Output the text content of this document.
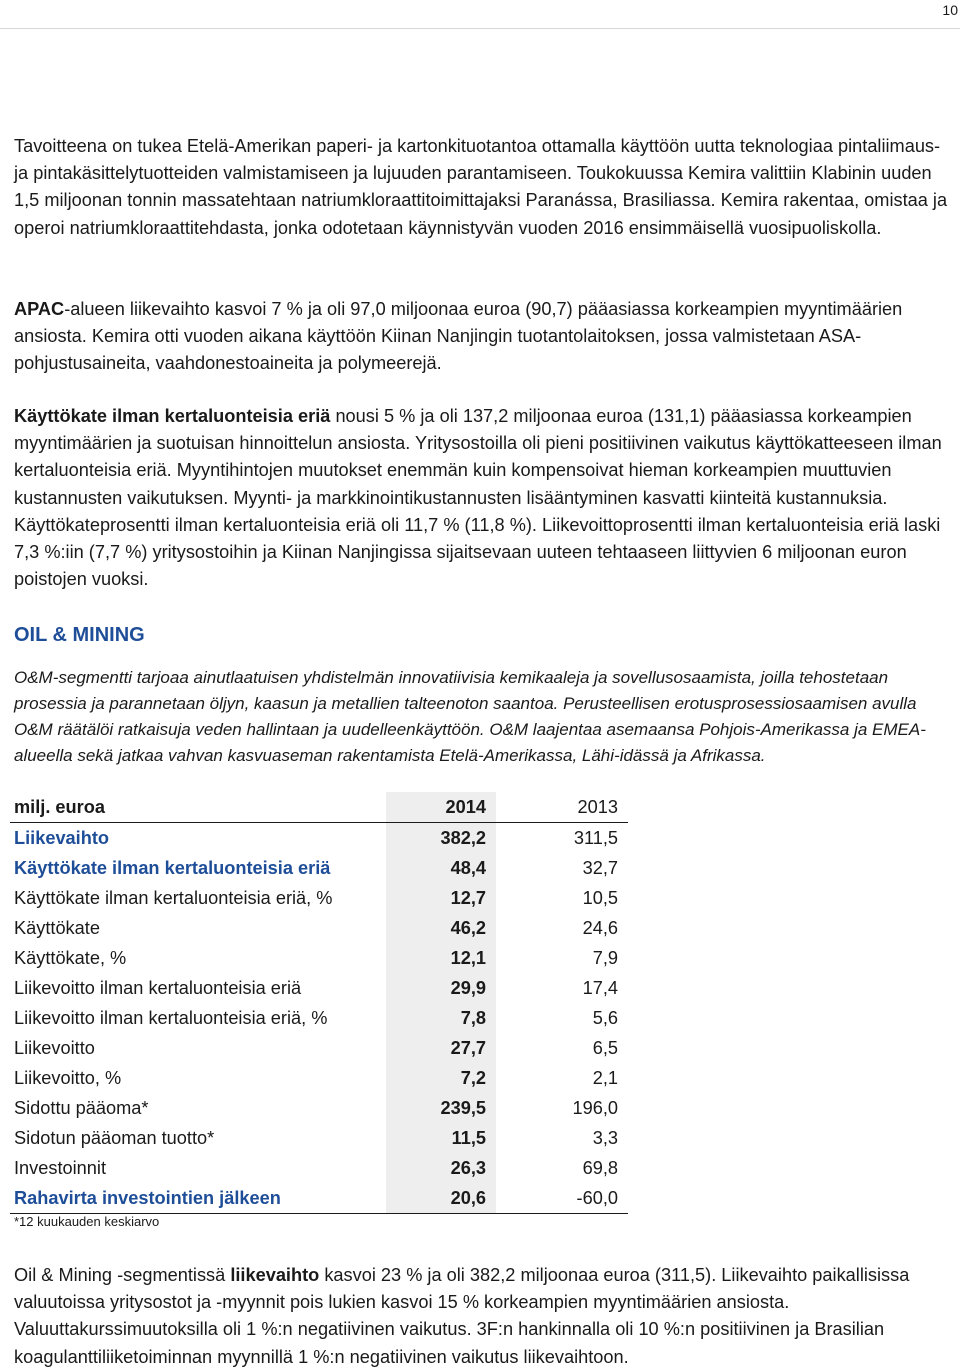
10

Tavoitteena on tukea Etelä-Amerikan paperi- ja kartonkituotantoa ottamalla käyttöön uutta teknologiaa pintaliimaus- ja pintakäsittelytuotteiden valmistamiseen ja lujuuden parantamiseen. Toukokuussa Kemira valittiin Klabinin uuden 1,5 miljoonan tonnin massatehtaan natriumkloraattitoimittajaksi Paranássa, Brasiliassa. Kemira rakentaa, omistaa ja operoi natriumkloraattitehdasta, jonka odotetaan käynnistyvän vuoden 2016 ensimmäisellä vuosipuoliskolla.

APAC-alueen liikevaihto kasvoi 7 % ja oli 97,0 miljoonaa euroa (90,7) pääasiassa korkeampien myyntimäärien ansiosta. Kemira otti vuoden aikana käyttöön Kiinan Nanjingin tuotantolaitoksen, jossa valmistetaan ASA-pohjustusaineita, vaahdonestoaineita ja polymeerejä.

Käyttökate ilman kertaluonteisia eriä nousi 5 % ja oli 137,2 miljoonaa euroa (131,1) pääasiassa korkeampien myyntimäärien ja suotuisan hinnoittelun ansiosta. Yritysostoilla oli pieni positiivinen vaikutus käyttökatteeseen ilman kertaluonteisia eriä. Myyntihintojen muutokset enemmän kuin kompensoivat hieman korkeampien muuttuvien kustannusten vaikutuksen. Myynti- ja markkinointikustannusten lisääntyminen kasvatti kiinteitä kustannuksia. Käyttökateprosentti ilman kertaluonteisia eriä oli 11,7 % (11,8 %). Liikevoittoprosentti ilman kertaluonteisia eriä laski 7,3 %:iin (7,7 %) yritysostoihin ja Kiinan Nanjingissa sijaitsevaan uuteen tehtaaseen liittyvien 6 miljoonan euron poistojen vuoksi.

OIL & MINING

O&M-segmentti tarjoaa ainutlaatuisen yhdistelmän innovatiivisia kemikaaleja ja sovellusosaamista, joilla tehostetaan prosessia ja parannetaan öljyn, kaasun ja metallien talteenoton saantoa. Perusteellisen erotusprosessiosaamisen avulla O&M räätälöi ratkaisuja veden hallintaan ja uudelleenkäyttöön. O&M laajentaa asemaansa Pohjois-Amerikassa ja EMEA-alueella sekä jatkaa vahvan kasvuaseman rakentamista Etelä-Amerikassa, Lähi-idässä ja Afrikassa.

milj. euroa	2014	2013
Liikevaihto	382,2	311,5
Käyttökate ilman kertaluonteisia eriä	48,4	32,7
Käyttökate ilman kertaluonteisia eriä, %	12,7	10,5
Käyttökate	46,2	24,6
Käyttökate, %	12,1	7,9
Liikevoitto ilman kertaluonteisia eriä	29,9	17,4
Liikevoitto ilman kertaluonteisia eriä, %	7,8	5,6
Liikevoitto	27,7	6,5
Liikevoitto, %	7,2	2,1
Sidottu pääoma*	239,5	196,0
Sidotun pääoman tuotto*	11,5	3,3
Investoinnit	26,3	69,8
Rahavirta investointien jälkeen	20,6	-60,0
*12 kuukauden keskiarvo

Oil & Mining -segmentissä liikevaihto kasvoi 23 % ja oli 382,2 miljoonaa euroa (311,5). Liikevaihto paikallisissa valuutoissa yritysostot ja -myynnit pois lukien kasvoi 15 % korkeampien myyntimäärien ansiosta. Valuuttakurssimuutoksilla oli 1 %:n negatiivinen vaikutus. 3F:n hankinnalla oli 10 %:n positiivinen ja Brasilian koagulanttiliiketoiminnan myynnillä 1 %:n negatiivinen vaikutus liikevaihtoon.
